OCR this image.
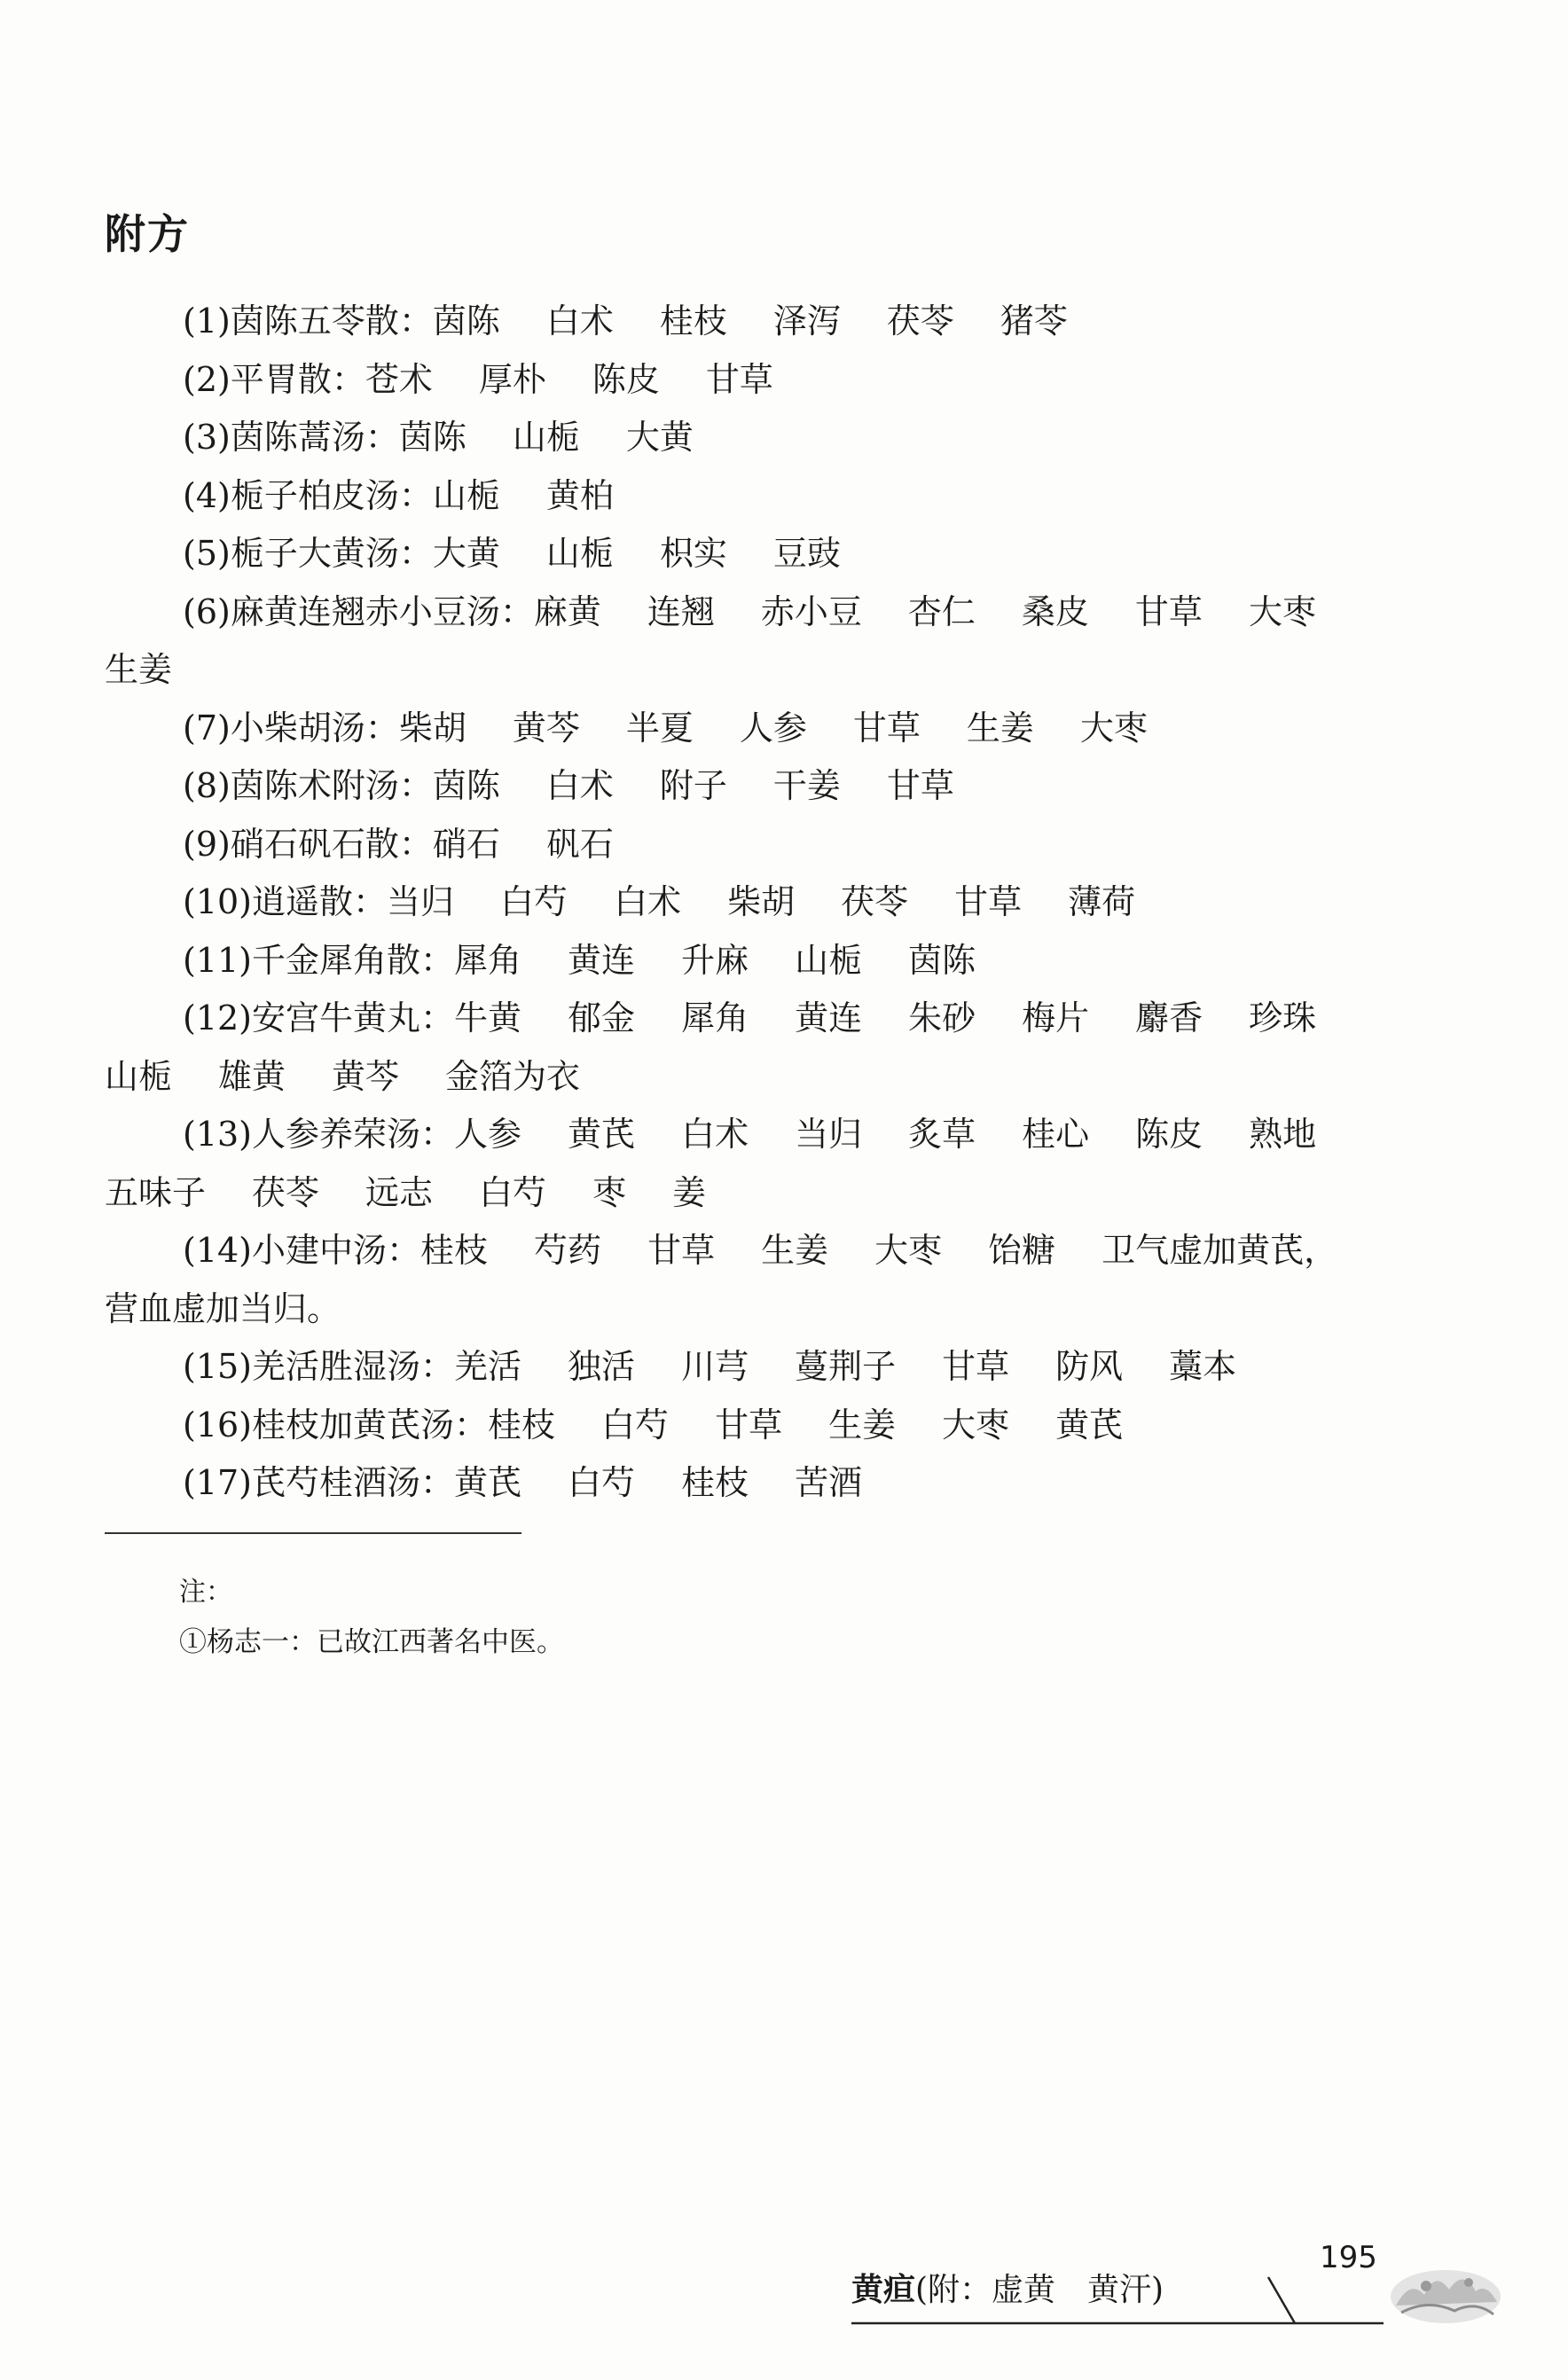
附方
(1)茵陈五苓散 ： 茵陈 白术 桂枝 泽泻 茯苓 猪苓
(2)平胃散 ： 苍术 厚朴 陈皮 甘草
(3)茵陈蒿汤 ： 茵陈 山栀 大黄
(4)栀子柏皮汤 ： 山栀 黄柏
(5)栀子大黄汤 ： 大黄 山栀 枳实 豆豉
(6)麻黄连翘赤小豆汤 ： 麻黄 连翘 赤小豆 杏仁 桑皮 甘草 大枣
生姜
(7)小柴胡汤 ： 柴胡 黄芩 半夏 人参 甘草 生姜 大枣
(8)茵陈术附汤 ： 茵陈 白术 附子 干姜 甘草
(9)硝石矾石散 ： 硝石 矾石
(10)逍遥散 ： 当归 白芍 白术 柴胡 茯苓 甘草 薄荷
(11)千金犀角散 ： 犀角 黄连 升麻 山栀 茵陈
(12)安宫牛黄丸 ： 牛黄 郁金 犀角 黄连 朱砂 梅片 麝香 珍珠
山栀 雄黄 黄芩 金箔为衣
(13)人参养荣汤 ： 人参 黄芪 白术 当归 炙草 桂心 陈皮 熟地
五味子 茯苓 远志 白芍 枣 姜
(14)小建中汤 ： 桂枝 芍药 甘草 生姜 大枣 饴糖 卫气虚加黄芪，
营血虚加当归。
(15)羌活胜湿汤 ： 羌活 独活 川芎 蔓荆子 甘草 防风 藁本
(16)桂枝加黄芪汤 ： 桂枝 白芍 甘草 生姜 大枣 黄芪
(17)芪芍桂酒汤 ： 黄芪 白芍 桂枝 苦酒

注：

①杨志一：已故江西著名中医。

黄疸(附：虚黄　黄汗)
195
